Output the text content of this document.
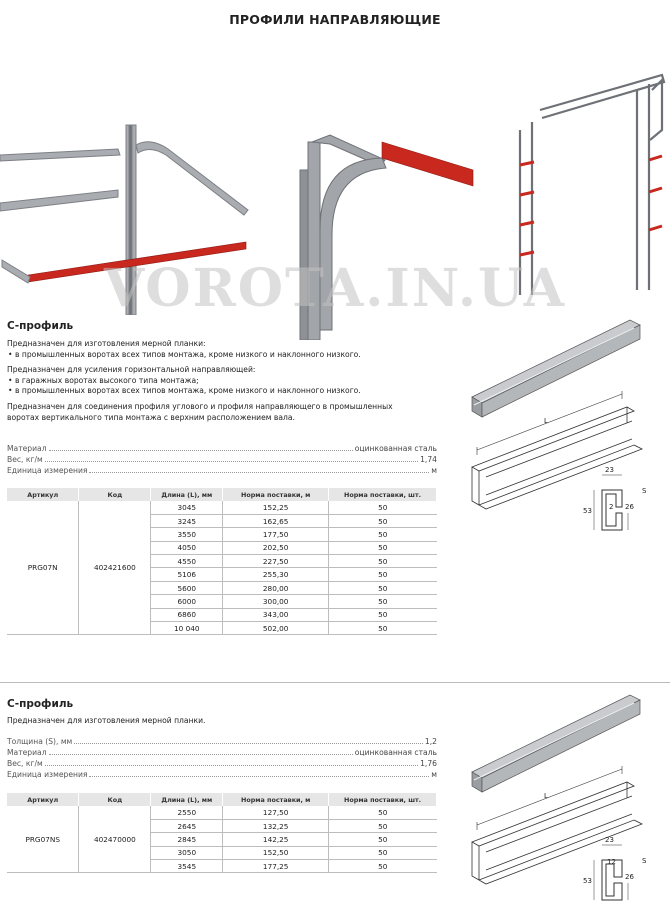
ПРОФИЛИ НАПРАВЛЯЮЩИЕ
VOROTA.IN.UA
С-профиль

Предназначен для изготовления мерной планки:

• в промышленных воротах всех типов монтажа, кроме низкого и наклонного низкого.

Предназначен для усиления горизонтальной направляющей:

• в гаражных воротах высокого типа монтажа;
• в промышленных воротах всех типов монтажа, кроме низкого и наклонного низкого.

Предназначен для соединения профиля углового и профиля направляющего в промышленных воротах вертикального типа монтажа с верхним расположением вала.

Материал	оцинкованная сталь
Вес, кг/м	1,74
Единица измерения	м
Артикул	Код	Длина (L), мм	Норма поставки, м	Норма поставки, шт.
PRG07N	402421600	3045	152,25	50
		3245	162,65	50
		3550	177,50	50
		4050	202,50	50
		4550	227,50	50
		5106	255,30	50
		5600	280,00	50
		6000	300,00	50
		6860	343,00	50
		10 040	502,00	50
L
23
53 2 26
S
С-профиль

Предназначен для изготовления мерной планки.

Толщина (S), мм	1,2
Материал	оцинкованная сталь
Вес, кг/м	1,76
Единица измерения	м
Артикул	Код	Длина (L), мм	Норма поставки, м	Норма поставки, шт.
PRG07NS	402470000	2550	127,50	50
		2645	132,25	50
		2845	142,25	50
		3050	152,50	50
		3545	177,25	50
L
23
53
12
26
S
